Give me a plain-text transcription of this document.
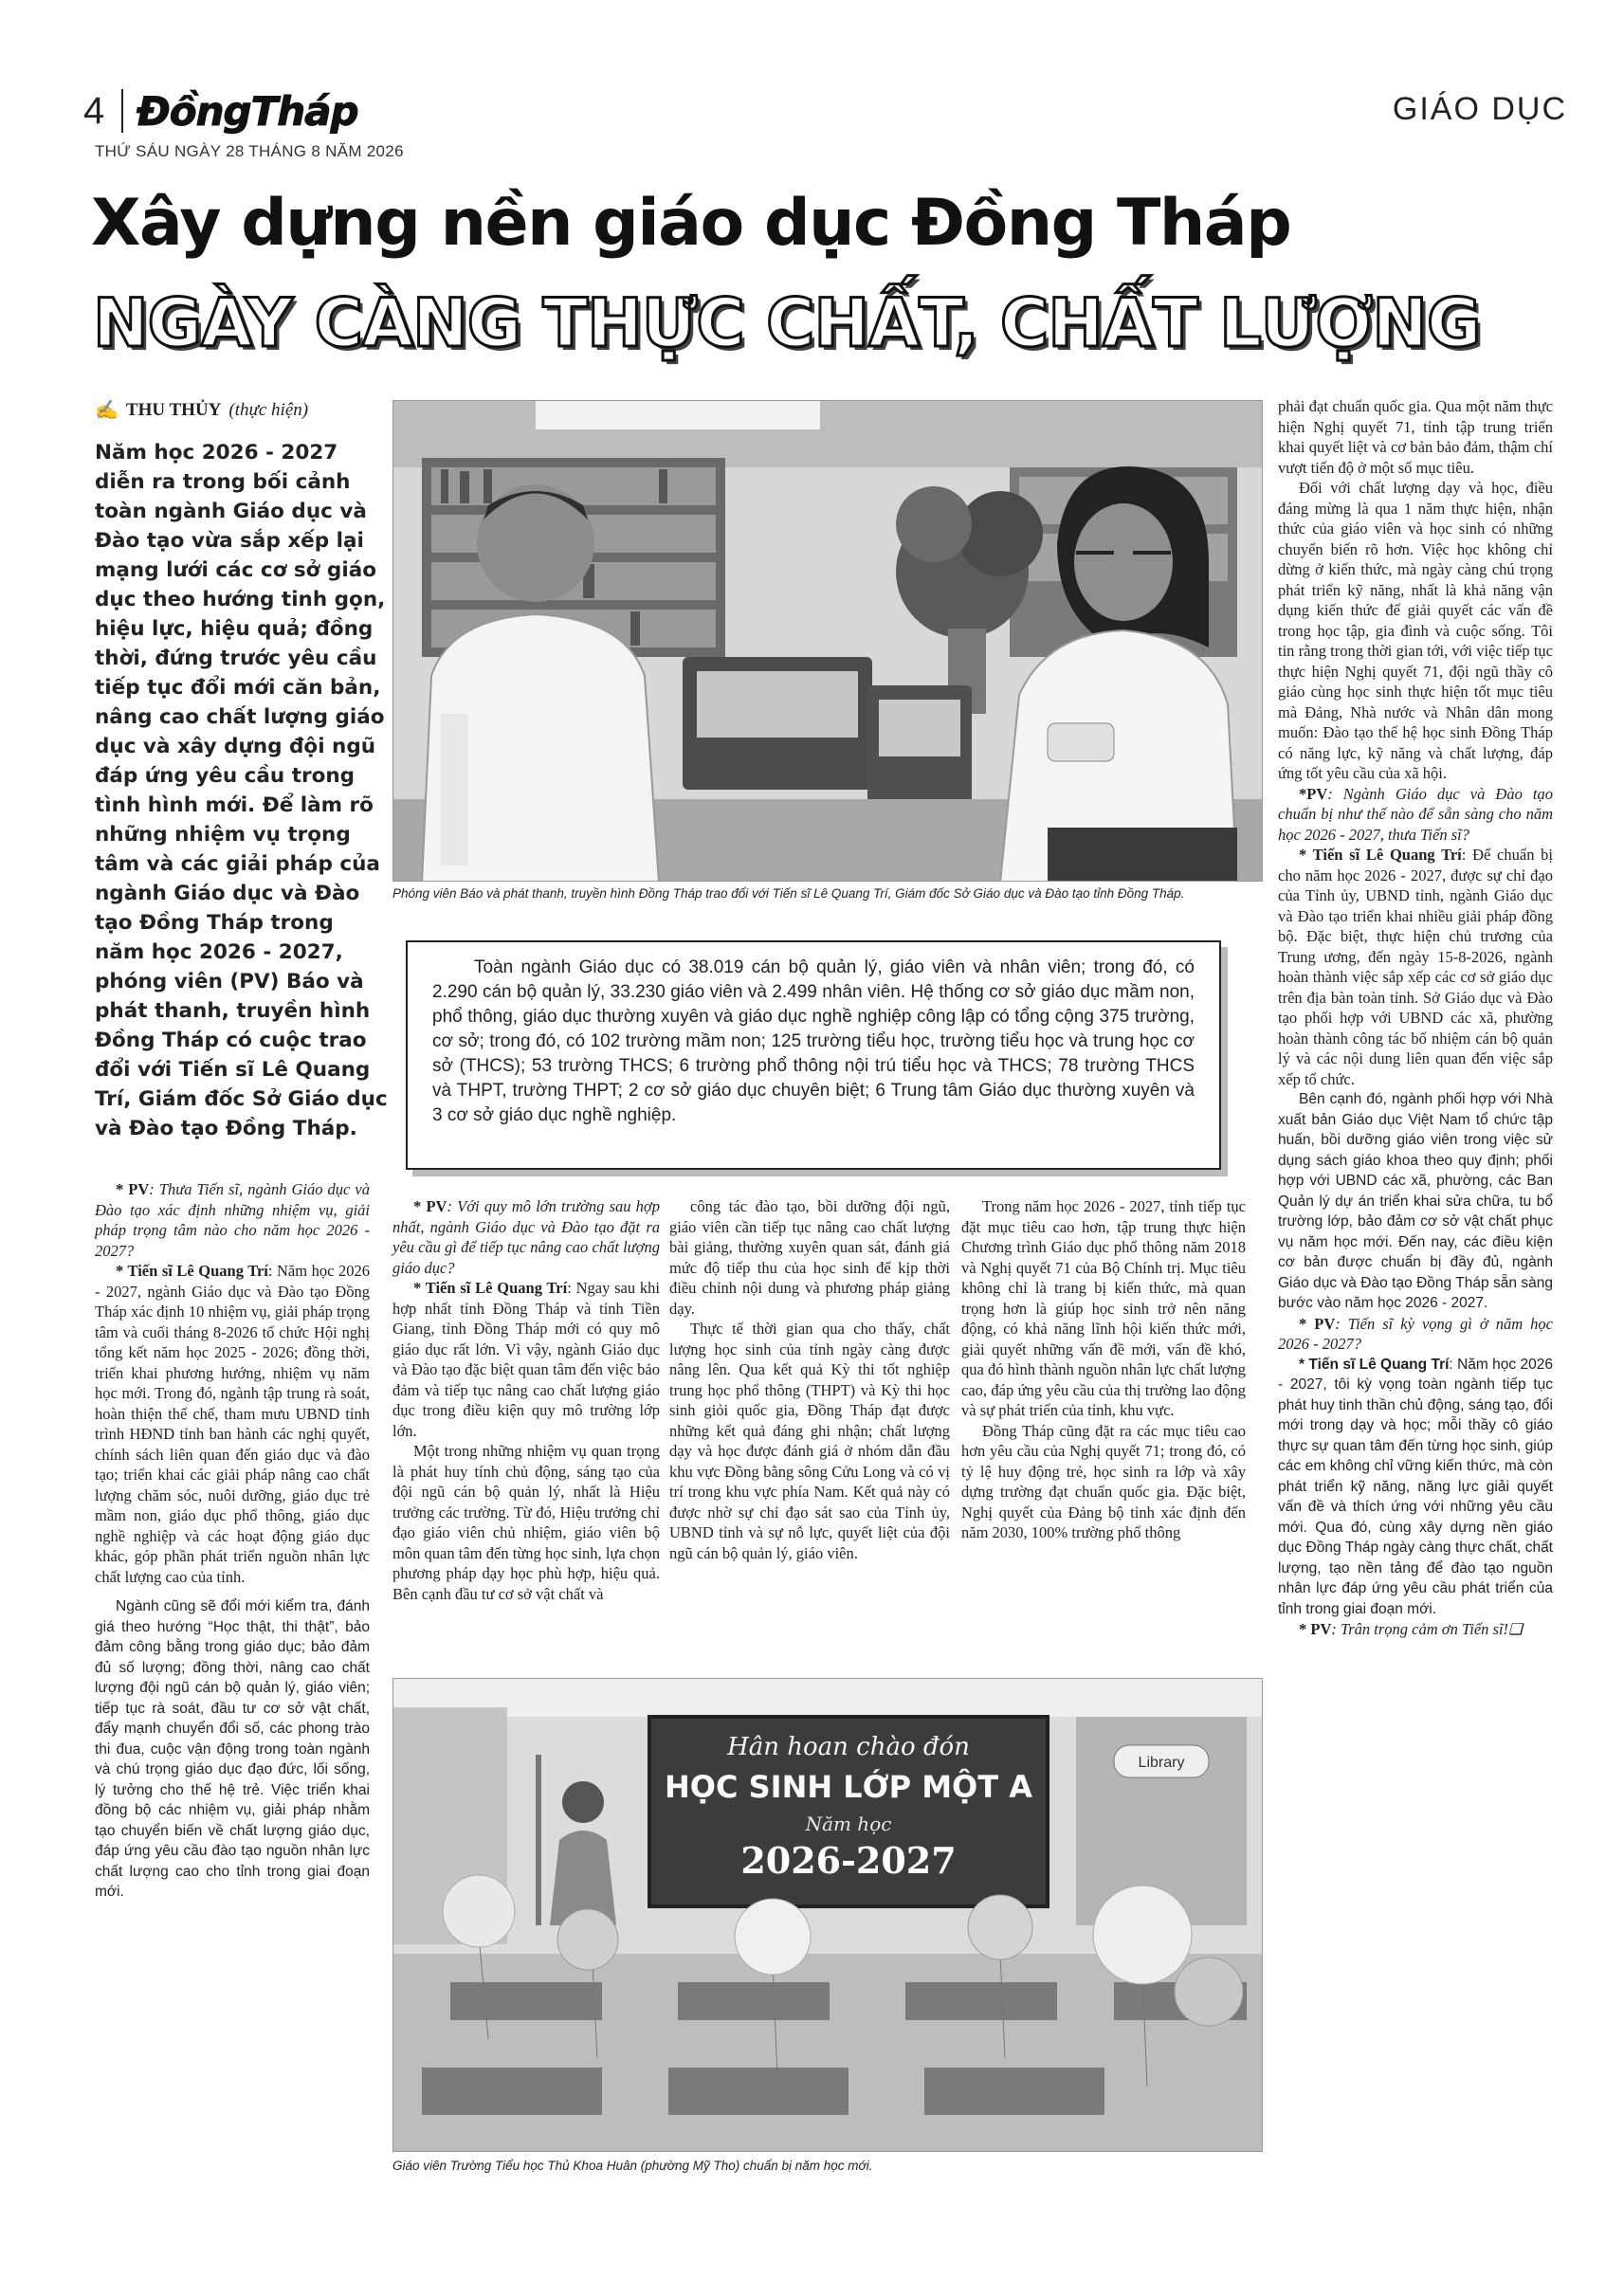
4 ĐồngTháp	GIÁO DỤC
THỨ SÁU NGÀY 28 THÁNG 8 NĂM 2026
Xây dựng nền giáo dục Đồng Tháp
NGÀY CÀNG THỰC CHẤT, CHẤT LƯỢNG
✍ THU THỦY (thực hiện)
Năm học 2026 - 2027 diễn ra trong bối cảnh toàn ngành Giáo dục và Đào tạo vừa sắp xếp lại mạng lưới các cơ sở giáo dục theo hướng tinh gọn, hiệu lực, hiệu quả; đồng thời, đứng trước yêu cầu tiếp tục đổi mới căn bản, nâng cao chất lượng giáo dục và xây dựng đội ngũ đáp ứng yêu cầu trong tình hình mới. Để làm rõ những nhiệm vụ trọng tâm và các giải pháp của ngành Giáo dục và Đào tạo Đồng Tháp trong năm học 2026 - 2027, phóng viên (PV) Báo và phát thanh, truyền hình Đồng Tháp có cuộc trao đổi với Tiến sĩ Lê Quang Trí, Giám đốc Sở Giáo dục và Đào tạo Đồng Tháp.
Phóng viên Báo và phát thanh, truyền hình Đồng Tháp trao đổi với Tiến sĩ Lê Quang Trí, Giám đốc Sở Giáo dục và Đào tạo tỉnh Đồng Tháp.

Toàn ngành Giáo dục có 38.019 cán bộ quản lý, giáo viên và nhân viên; trong đó, có 2.290 cán bộ quản lý, 33.230 giáo viên và 2.499 nhân viên. Hệ thống cơ sở giáo dục mầm non, phổ thông, giáo dục thường xuyên và giáo dục nghề nghiệp công lập có tổng cộng 375 trường, cơ sở; trong đó, có 102 trường mầm non; 125 trường tiểu học, trường tiểu học và trung học cơ sở (THCS); 53 trường THCS; 6 trường phổ thông nội trú tiểu học và THCS; 78 trường THCS và THPT, trường THPT; 2 cơ sở giáo dục chuyên biệt; 6 Trung tâm Giáo dục thường xuyên và 3 cơ sở giáo dục nghề nghiệp.

* PV: Thưa Tiến sĩ, ngành Giáo dục và Đào tạo xác định những nhiệm vụ, giải pháp trọng tâm nào cho năm học 2026 - 2027?

* Tiến sĩ Lê Quang Trí: Năm học 2026 - 2027, ngành Giáo dục và Đào tạo Đồng Tháp xác định 10 nhiệm vụ, giải pháp trọng tâm và cuối tháng 8-2026 tổ chức Hội nghị tổng kết năm học 2025 - 2026; đồng thời, triển khai phương hướng, nhiệm vụ năm học mới. Trong đó, ngành tập trung rà soát, hoàn thiện thể chế, tham mưu UBND tỉnh trình HĐND tỉnh ban hành các nghị quyết, chính sách liên quan đến giáo dục và đào tạo; triển khai các giải pháp nâng cao chất lượng chăm sóc, nuôi dưỡng, giáo dục trẻ mầm non, giáo dục phổ thông, giáo dục nghề nghiệp và các hoạt động giáo dục khác, góp phần phát triển nguồn nhân lực chất lượng cao của tỉnh.

Ngành cũng sẽ đổi mới kiểm tra, đánh giá theo hướng “Học thật, thi thật”, bảo đảm công bằng trong giáo dục; bảo đảm đủ số lượng; đồng thời, nâng cao chất lượng đội ngũ cán bộ quản lý, giáo viên; tiếp tục rà soát, đầu tư cơ sở vật chất, đẩy mạnh chuyển đổi số, các phong trào thi đua, cuộc vận động trong toàn ngành và chú trọng giáo dục đạo đức, lối sống, lý tưởng cho thế hệ trẻ. Việc triển khai đồng bộ các nhiệm vụ, giải pháp nhằm tạo chuyển biến về chất lượng giáo dục, đáp ứng yêu cầu đào tạo nguồn nhân lực chất lượng cao cho tỉnh trong giai đoạn mới.

* PV: Với quy mô lớn trường sau hợp nhất, ngành Giáo dục và Đào tạo đặt ra yêu cầu gì để tiếp tục nâng cao chất lượng giáo dục?

* Tiến sĩ Lê Quang Trí: Ngay sau khi hợp nhất tỉnh Đồng Tháp và tỉnh Tiền Giang, tỉnh Đồng Tháp mới có quy mô giáo dục rất lớn. Vì vậy, ngành Giáo dục và Đào tạo đặc biệt quan tâm đến việc bảo đảm và tiếp tục nâng cao chất lượng giáo dục trong điều kiện quy mô trường lớp lớn.

Một trong những nhiệm vụ quan trọng là phát huy tính chủ động, sáng tạo của đội ngũ cán bộ quản lý, nhất là Hiệu trưởng các trường. Từ đó, Hiệu trưởng chỉ đạo giáo viên chủ nhiệm, giáo viên bộ môn quan tâm đến từng học sinh, lựa chọn phương pháp dạy học phù hợp, hiệu quả. Bên cạnh đầu tư cơ sở vật chất và

công tác đào tạo, bồi dưỡng đội ngũ, giáo viên cần tiếp tục nâng cao chất lượng bài giảng, thường xuyên quan sát, đánh giá mức độ tiếp thu của học sinh để kịp thời điều chỉnh nội dung và phương pháp giảng dạy.

Thực tế thời gian qua cho thấy, chất lượng học sinh của tỉnh ngày càng được nâng lên. Qua kết quả Kỳ thi tốt nghiệp trung học phổ thông (THPT) và Kỳ thi học sinh giỏi quốc gia, Đồng Tháp đạt được những kết quả đáng ghi nhận; chất lượng dạy và học được đánh giá ở nhóm dẫn đầu khu vực Đồng bằng sông Cửu Long và có vị trí trong khu vực phía Nam. Kết quả này có được nhờ sự chỉ đạo sát sao của Tỉnh ủy, UBND tỉnh và sự nỗ lực, quyết liệt của đội ngũ cán bộ quản lý, giáo viên.

Trong năm học 2026 - 2027, tỉnh tiếp tục đặt mục tiêu cao hơn, tập trung thực hiện Chương trình Giáo dục phổ thông năm 2018 và Nghị quyết 71 của Bộ Chính trị. Mục tiêu không chỉ là trang bị kiến thức, mà quan trọng hơn là giúp học sinh trở nên năng động, có khả năng lĩnh hội kiến thức mới, giải quyết những vấn đề mới, vấn đề khó, qua đó hình thành nguồn nhân lực chất lượng cao, đáp ứng yêu cầu của thị trường lao động và sự phát triển của tỉnh, khu vực.

Đồng Tháp cũng đặt ra các mục tiêu cao hơn yêu cầu của Nghị quyết 71; trong đó, có tỷ lệ huy động trẻ, học sinh ra lớp và xây dựng trường đạt chuẩn quốc gia. Đặc biệt, Nghị quyết của Đảng bộ tỉnh xác định đến năm 2030, 100% trường phổ thông

phải đạt chuẩn quốc gia. Qua một năm thực hiện Nghị quyết 71, tỉnh tập trung triển khai quyết liệt và cơ bản bảo đảm, thậm chí vượt tiến độ ở một số mục tiêu.

Đối với chất lượng dạy và học, điều đáng mừng là qua 1 năm thực hiện, nhận thức của giáo viên và học sinh có những chuyển biến rõ hơn. Việc học không chỉ dừng ở kiến thức, mà ngày càng chú trọng phát triển kỹ năng, nhất là khả năng vận dụng kiến thức để giải quyết các vấn đề trong học tập, gia đình và cuộc sống. Tôi tin rằng trong thời gian tới, với việc tiếp tục thực hiện Nghị quyết 71, đội ngũ thầy cô giáo cùng học sinh thực hiện tốt mục tiêu mà Đảng, Nhà nước và Nhân dân mong muốn: Đào tạo thế hệ học sinh Đồng Tháp có năng lực, kỹ năng và chất lượng, đáp ứng tốt yêu cầu của xã hội.

*PV: Ngành Giáo dục và Đào tạo chuẩn bị như thế nào để sẵn sàng cho năm học 2026 - 2027, thưa Tiến sĩ?

* Tiến sĩ Lê Quang Trí: Để chuẩn bị cho năm học 2026 - 2027, được sự chỉ đạo của Tỉnh ủy, UBND tỉnh, ngành Giáo dục và Đào tạo triển khai nhiều giải pháp đồng bộ. Đặc biệt, thực hiện chủ trương của Trung ương, đến ngày 15-8-2026, ngành hoàn thành việc sắp xếp các cơ sở giáo dục trên địa bàn toàn tỉnh. Sở Giáo dục và Đào tạo phối hợp với UBND các xã, phường hoàn thành công tác bố nhiệm cán bộ quản lý và các nội dung liên quan đến việc sắp xếp tổ chức.

Bên cạnh đó, ngành phối hợp với Nhà xuất bản Giáo dục Việt Nam tổ chức tập huấn, bồi dưỡng giáo viên trong việc sử dụng sách giáo khoa theo quy định; phối hợp với UBND các xã, phường, các Ban Quản lý dự án triển khai sửa chữa, tu bổ trường lớp, bảo đảm cơ sở vật chất phục vụ năm học mới. Đến nay, các điều kiện cơ bản được chuẩn bị đầy đủ, ngành Giáo dục và Đào tạo Đồng Tháp sẵn sàng bước vào năm học 2026 - 2027.

* PV: Tiến sĩ kỳ vọng gì ở năm học 2026 - 2027?

* Tiến sĩ Lê Quang Trí: Năm học 2026 - 2027, tôi kỳ vọng toàn ngành tiếp tục phát huy tinh thần chủ động, sáng tạo, đổi mới trong dạy và học; mỗi thầy cô giáo thực sự quan tâm đến từng học sinh, giúp các em không chỉ vững kiến thức, mà còn phát triển kỹ năng, năng lực giải quyết vấn đề và thích ứng với những yêu cầu mới. Qua đó, cùng xây dựng nền giáo dục Đồng Tháp ngày càng thực chất, chất lượng, tạo nền tảng để đào tạo nguồn nhân lực đáp ứng yêu cầu phát triển của tỉnh trong giai đoạn mới.

* PV: Trân trọng cảm ơn Tiến sĩ!❏

Hân hoan chào đón
HỌC SINH LỚP MỘT A
Năm học
2026-2027
Library
Giáo viên Trường Tiểu học Thủ Khoa Huân (phường Mỹ Tho) chuẩn bị năm học mới.
